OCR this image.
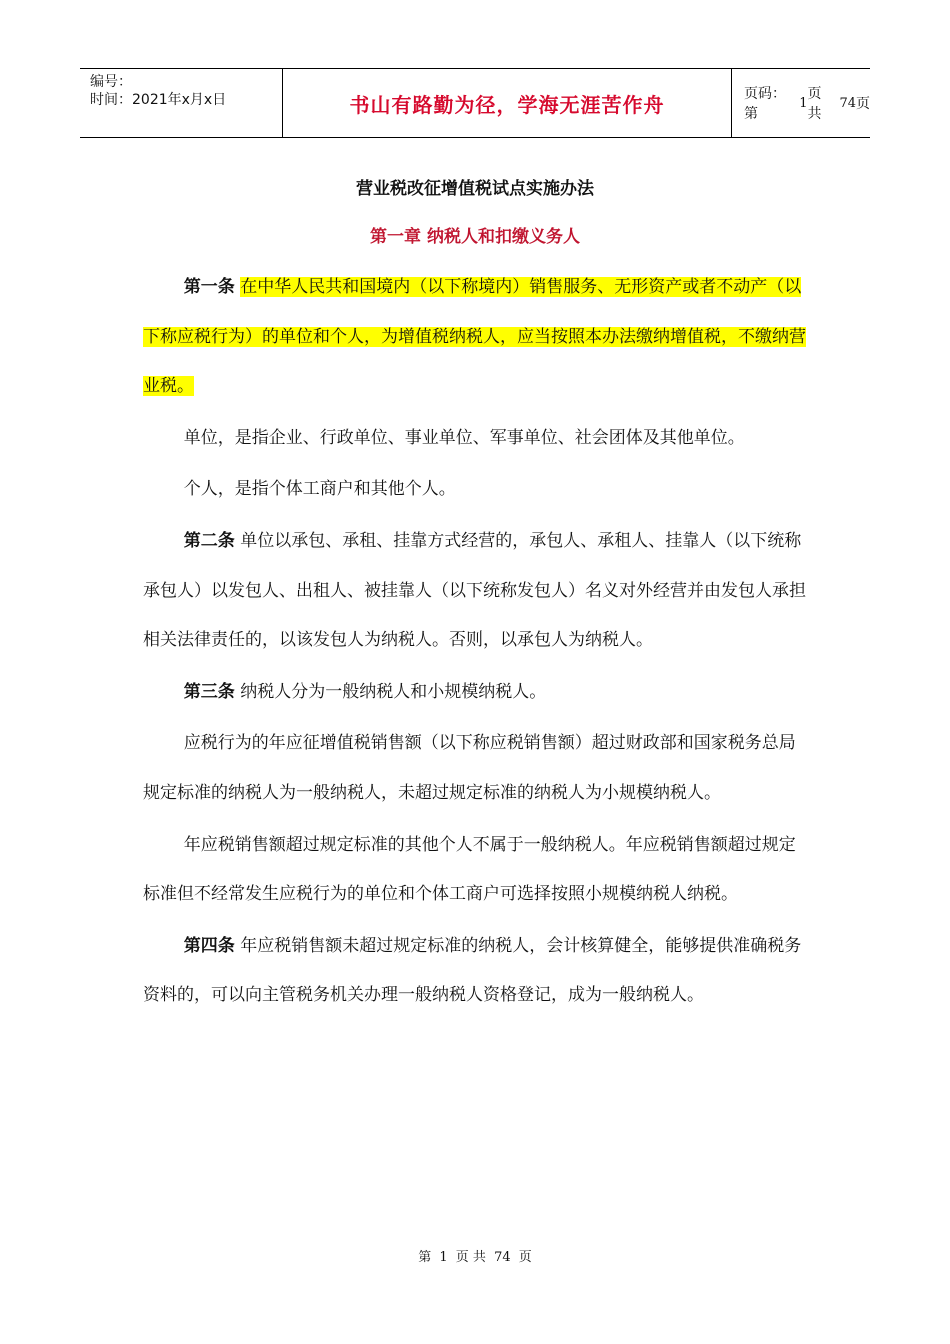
编号：
时间：2021年x月x日	书山有路勤为径，学海无涯苦作舟	页码：第
1
页 共
74 页
营业税改征增值税试点实施办法
第一章 纳税人和扣缴义务人

第一条 在中华人民共和国境内（以下称境内）销售服务、无形资产或者不动产（以下称应税行为）的单位和个人，为增值税纳税人，应当按照本办法缴纳增值税，不缴纳营业税。

单位，是指企业、行政单位、事业单位、军事单位、社会团体及其他单位。

个人，是指个体工商户和其他个人。

第二条 单位以承包、承租、挂靠方式经营的，承包人、承租人、挂靠人（以下统称承包人）以发包人、出租人、被挂靠人（以下统称发包人）名义对外经营并由发包人承担相关法律责任的，以该发包人为纳税人。否则，以承包人为纳税人。

第三条 纳税人分为一般纳税人和小规模纳税人。

应税行为的年应征增值税销售额（以下称应税销售额）超过财政部和国家税务总局规定标准的纳税人为一般纳税人，未超过规定标准的纳税人为小规模纳税人。

年应税销售额超过规定标准的其他个人不属于一般纳税人。年应税销售额超过规定标准但不经常发生应税行为的单位和个体工商户可选择按照小规模纳税人纳税。

第四条 年应税销售额未超过规定标准的纳税人，会计核算健全，能够提供准确税务资料的，可以向主管税务机关办理一般纳税人资格登记，成为一般纳税人。

第 1 页 共 74 页
